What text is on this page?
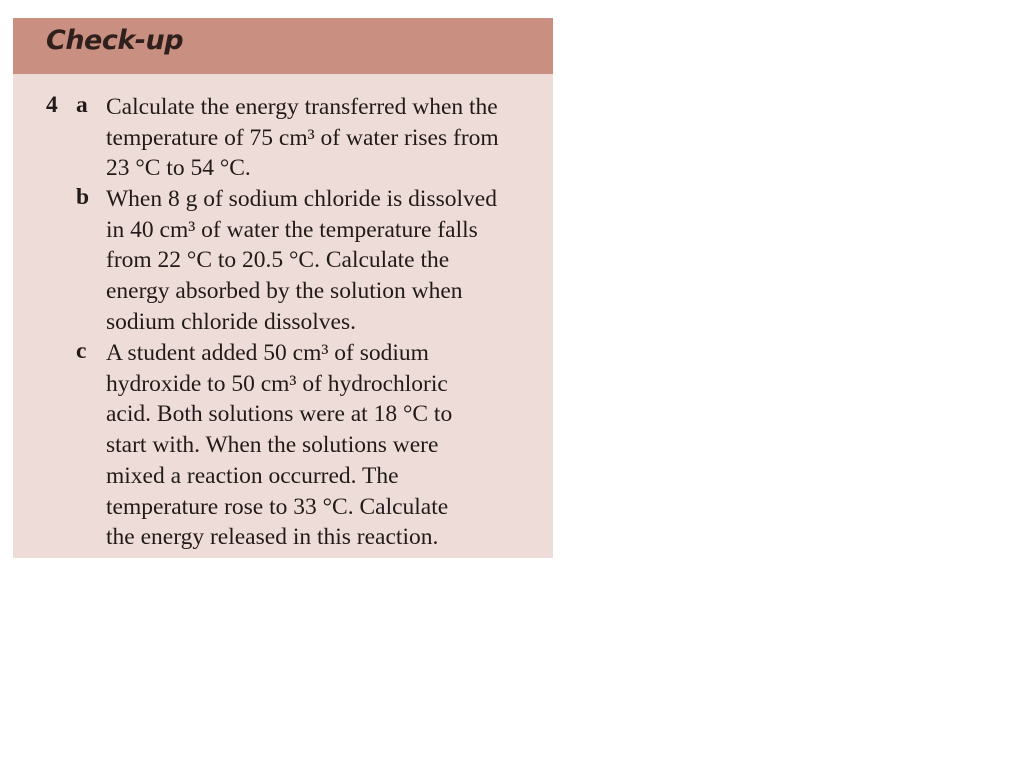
Check-up
4 a Calculate the energy transferred when the
temperature of 75 cm³ of water rises from
23 °C to 54 °C.
b When 8 g of sodium chloride is dissolved
in 40 cm³ of water the temperature falls
from 22 °C to 20.5 °C. Calculate the
energy absorbed by the solution when
sodium chloride dissolves.
c A student added 50 cm³ of sodium
hydroxide to 50 cm³ of hydrochloric
acid. Both solutions were at 18 °C to
start with. When the solutions were
mixed a reaction occurred. The
temperature rose to 33 °C. Calculate
the energy released in this reaction.
